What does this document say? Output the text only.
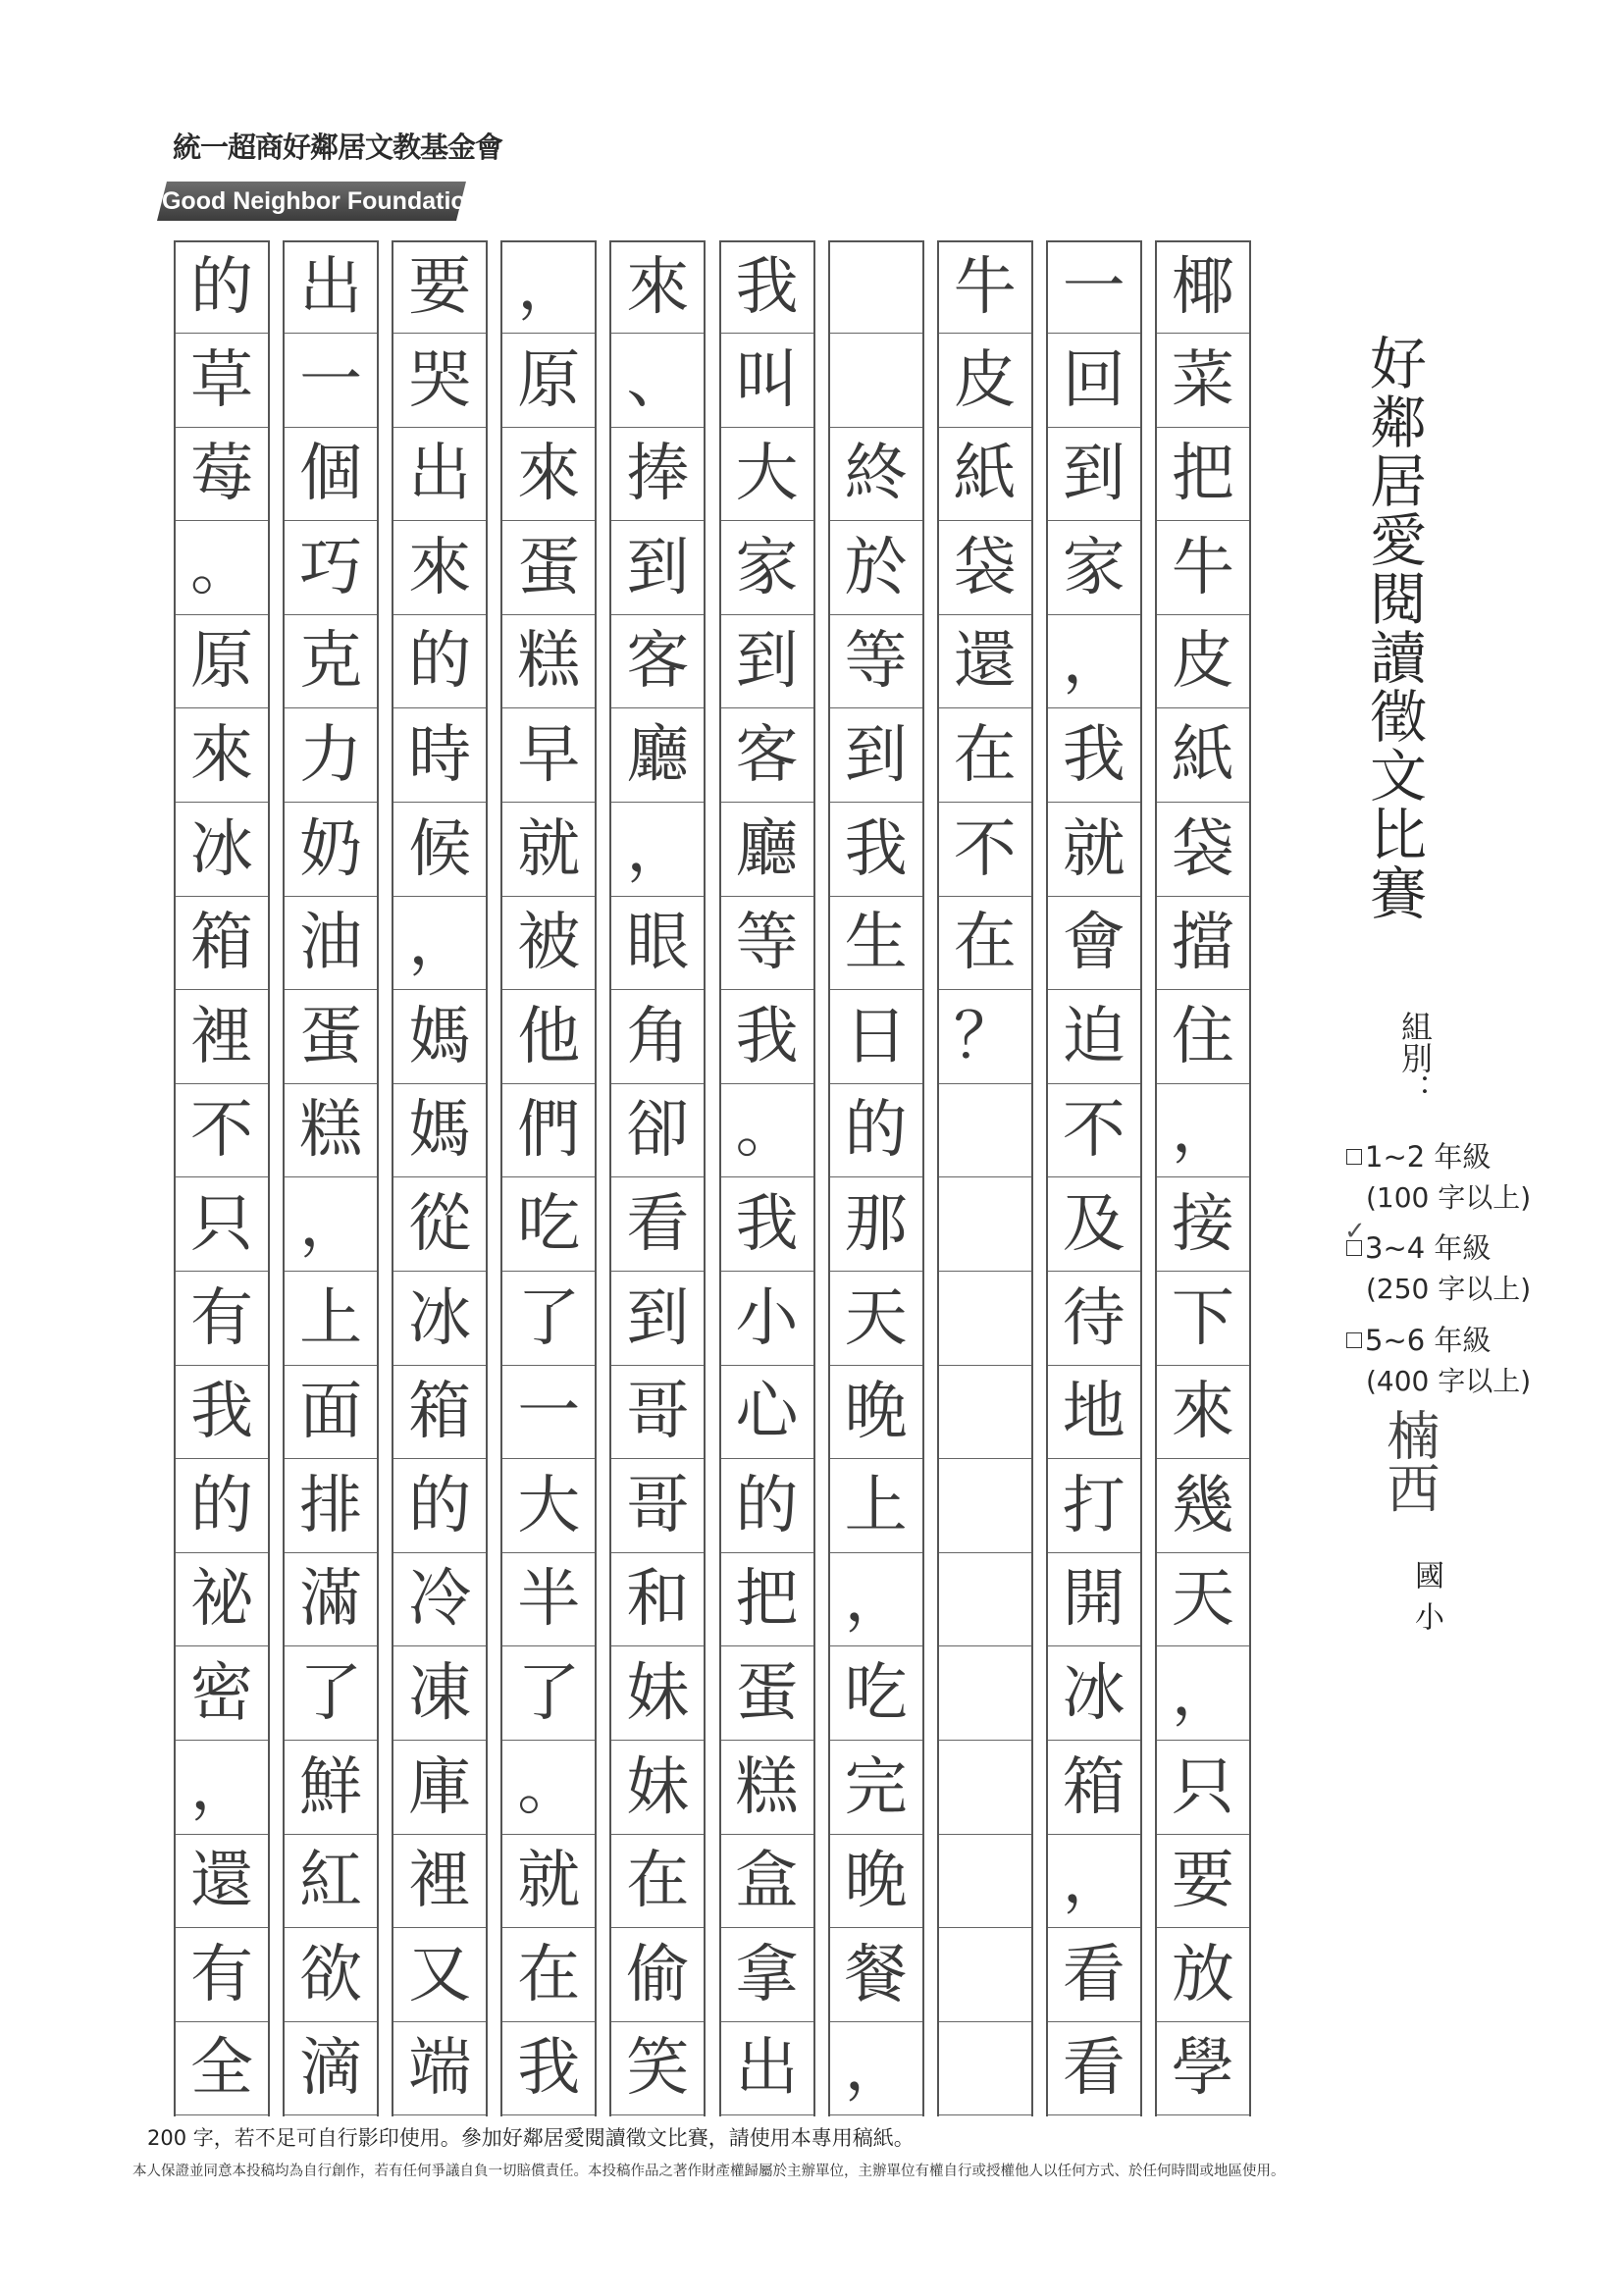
統一超商好鄰居文教基金會
Good Neighbor Foundation
椰
菜
把
牛
皮
紙
袋
擋
住
，
接
下
來
幾
天
，
只
要
放
學
一
回
到
家
，
我
就
會
迫
不
及
待
地
打
開
冰
箱
，
看
看
牛
皮
紙
袋
還
在
不
在
？
終
於
等
到
我
生
日
的
那
天
晚
上
，
吃
完
晚
餐
，
我
叫
大
家
到
客
廳
等
我
。
我
小
心
的
把
蛋
糕
盒
拿
出
來
、
捧
到
客
廳
，
眼
角
卻
看
到
哥
哥
和
妹
妹
在
偷
笑
，
原
來
蛋
糕
早
就
被
他
們
吃
了
一
大
半
了
。
就
在
我
要
哭
出
來
的
時
候
，
媽
媽
從
冰
箱
的
冷
凍
庫
裡
又
端
出
一
個
巧
克
力
奶
油
蛋
糕
，
上
面
排
滿
了
鮮
紅
欲
滴
的
草
莓
。
原
來
冰
箱
裡
不
只
有
我
的
祕
密
，
還
有
全
好鄰居愛閱讀徵文比賽
組別：
1~2 年級
(100 字以上)
✓ 3~4 年級
(250 字以上)
5~6 年級
(400 字以上)
楠西
國小
200 字，若不足可自行影印使用。參加好鄰居愛閱讀徵文比賽，請使用本專用稿紙。
本人保證並同意本投稿均為自行創作，若有任何爭議自負一切賠償責任。本投稿作品之著作財產權歸屬於主辦單位，主辦單位有權自行或授權他人以任何方式、於任何時間或地區使用。
